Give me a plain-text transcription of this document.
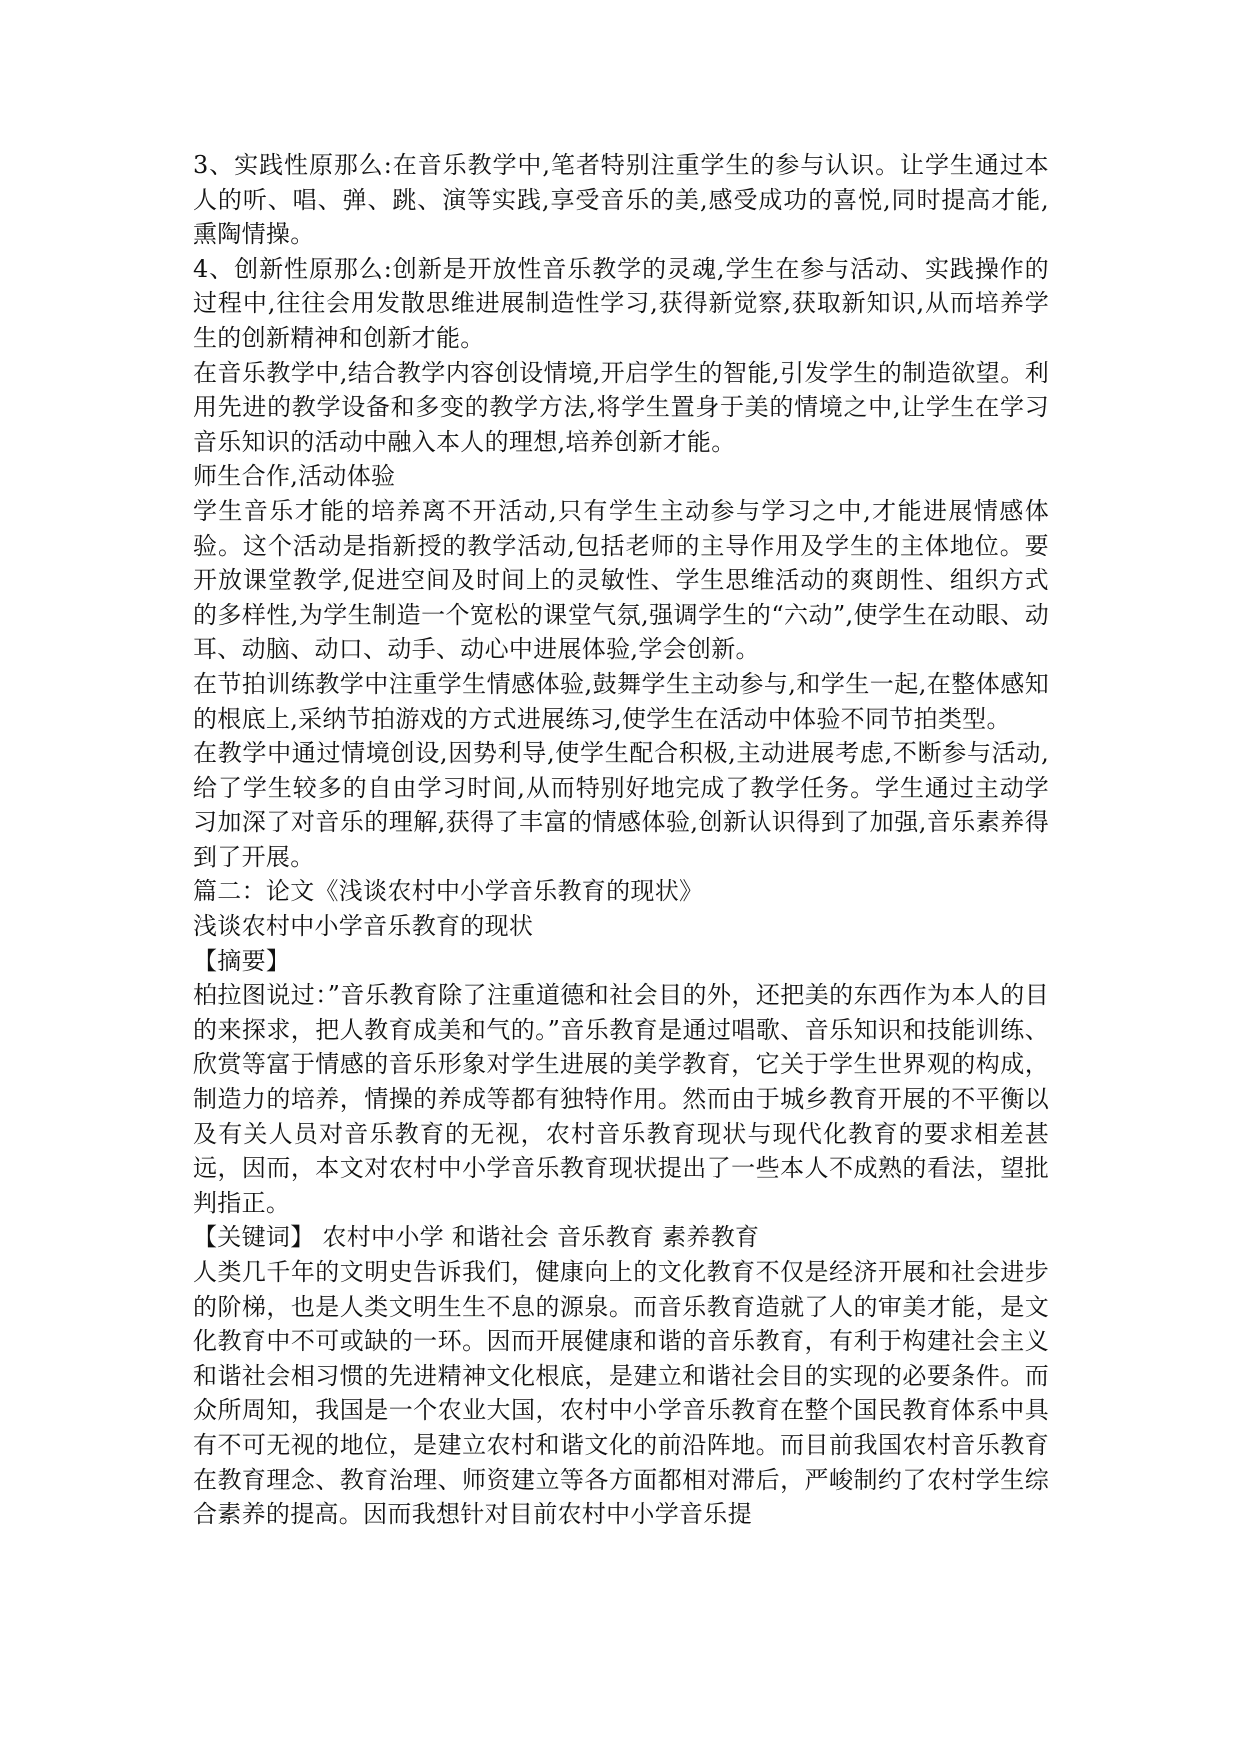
3、实践性原那么:在音乐教学中,笔者特别注重学生的参与认识。让学生通过本人的听、唱、弹、跳、演等实践,享受音乐的美,感受成功的喜悦,同时提高才能,熏陶情操。

4、创新性原那么:创新是开放性音乐教学的灵魂,学生在参与活动、实践操作的过程中,往往会用发散思维进展制造性学习,获得新觉察,获取新知识,从而培养学生的创新精神和创新才能。

在音乐教学中,结合教学内容创设情境,开启学生的智能,引发学生的制造欲望。利用先进的教学设备和多变的教学方法,将学生置身于美的情境之中,让学生在学习音乐知识的活动中融入本人的理想,培养创新才能。

师生合作,活动体验

学生音乐才能的培养离不开活动,只有学生主动参与学习之中,才能进展情感体验。这个活动是指新授的教学活动,包括老师的主导作用及学生的主体地位。要开放课堂教学,促进空间及时间上的灵敏性、学生思维活动的爽朗性、组织方式的多样性,为学生制造一个宽松的课堂气氛,强调学生的“六动”,使学生在动眼、动耳、动脑、动口、动手、动心中进展体验,学会创新。

在节拍训练教学中注重学生情感体验,鼓舞学生主动参与,和学生一起,在整体感知的根底上,采纳节拍游戏的方式进展练习,使学生在活动中体验不同节拍类型。

在教学中通过情境创设,因势利导,使学生配合积极,主动进展考虑,不断参与活动,给了学生较多的自由学习时间,从而特别好地完成了教学任务。学生通过主动学习加深了对音乐的理解,获得了丰富的情感体验,创新认识得到了加强,音乐素养得到了开展。

篇二：论文《浅谈农村中小学音乐教育的现状》

浅谈农村中小学音乐教育的现状

【摘要】

柏拉图说过：”音乐教育除了注重道德和社会目的外，还把美的东西作为本人的目的来探求，把人教育成美和气的。”音乐教育是通过唱歌、音乐知识和技能训练、欣赏等富于情感的音乐形象对学生进展的美学教育，它关于学生世界观的构成，制造力的培养，情操的养成等都有独特作用。然而由于城乡教育开展的不平衡以及有关人员对音乐教育的无视，农村音乐教育现状与现代化教育的要求相差甚远，因而，本文对农村中小学音乐教育现状提出了一些本人不成熟的看法，望批判指正。

【关键词】 农村中小学 和谐社会 音乐教育 素养教育

人类几千年的文明史告诉我们，健康向上的文化教育不仅是经济开展和社会进步的阶梯，也是人类文明生生不息的源泉。而音乐教育造就了人的审美才能，是文化教育中不可或缺的一环。因而开展健康和谐的音乐教育，有利于构建社会主义和谐社会相习惯的先进精神文化根底，是建立和谐社会目的实现的必要条件。而众所周知，我国是一个农业大国，农村中小学音乐教育在整个国民教育体系中具有不可无视的地位，是建立农村和谐文化的前沿阵地。而目前我国农村音乐教育在教育理念、教育治理、师资建立等各方面都相对滞后，严峻制约了农村学生综合素养的提高。因而我想针对目前农村中小学音乐提
